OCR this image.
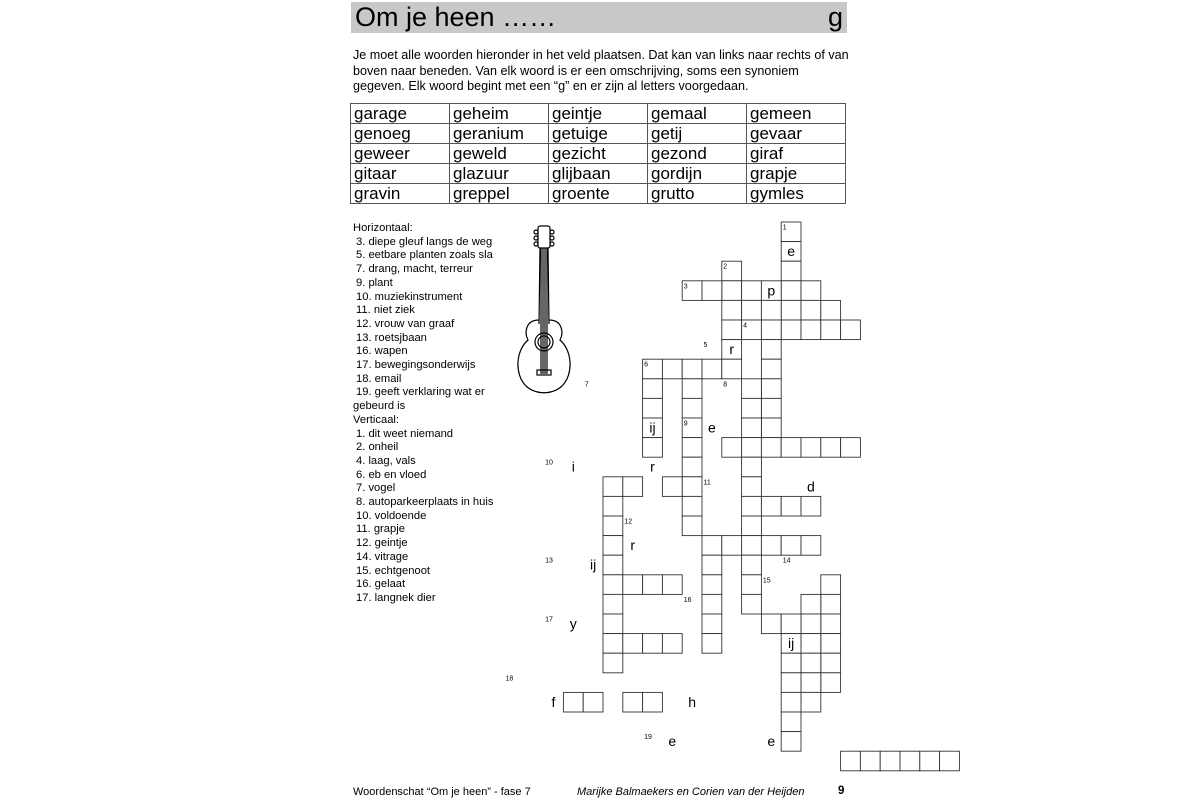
Om je heen ……	g
Je moet alle woorden hieronder in het veld plaatsen. Dat kan van links naar rechts of van boven naar beneden. Van elk woord is er een omschrijving, soms een synoniem gegeven. Elk woord begint met een “g” en er zijn al letters voorgedaan.
garage	geheim	geintje	gemaal	gemeen
genoeg	geranium	getuige	getij	gevaar
geweer	geweld	gezicht	gezond	giraf
gitaar	glazuur	glijbaan	gordijn	grapje
gravin	greppel	groente	grutto	gymles
Horizontaal:
3. diepe gleuf langs de weg
5. eetbare planten zoals sla
7. drang, macht, terreur
9. plant
10. muziekinstrument
11. niet ziek
12. vrouw van graaf
13. roetsjbaan
16. wapen
17. bewegingsonderwijs
18. email
19. geeft verklaring wat er gebeurd is
Verticaal:
1. dit weet niemand
2. onheil
4. laag, vals
6. eb en vloed
7. vogel
8. autoparkeerplaats in huis
10. voldoende
11. grapje
12. geintje
14. vitrage
15. echtgenoot
16. gelaat
17. langnek dier
1
2
3
4
5
6
7	8
9
10
11
12
13	14
15
16
17
18
19
e
p
r
ij	e
i	r
d
r
ij
y
ij
f	h
e	e
Woordenschat “Om je heen” - fase 7	Marijke Balmaekers en Corien van der Heijden	9
